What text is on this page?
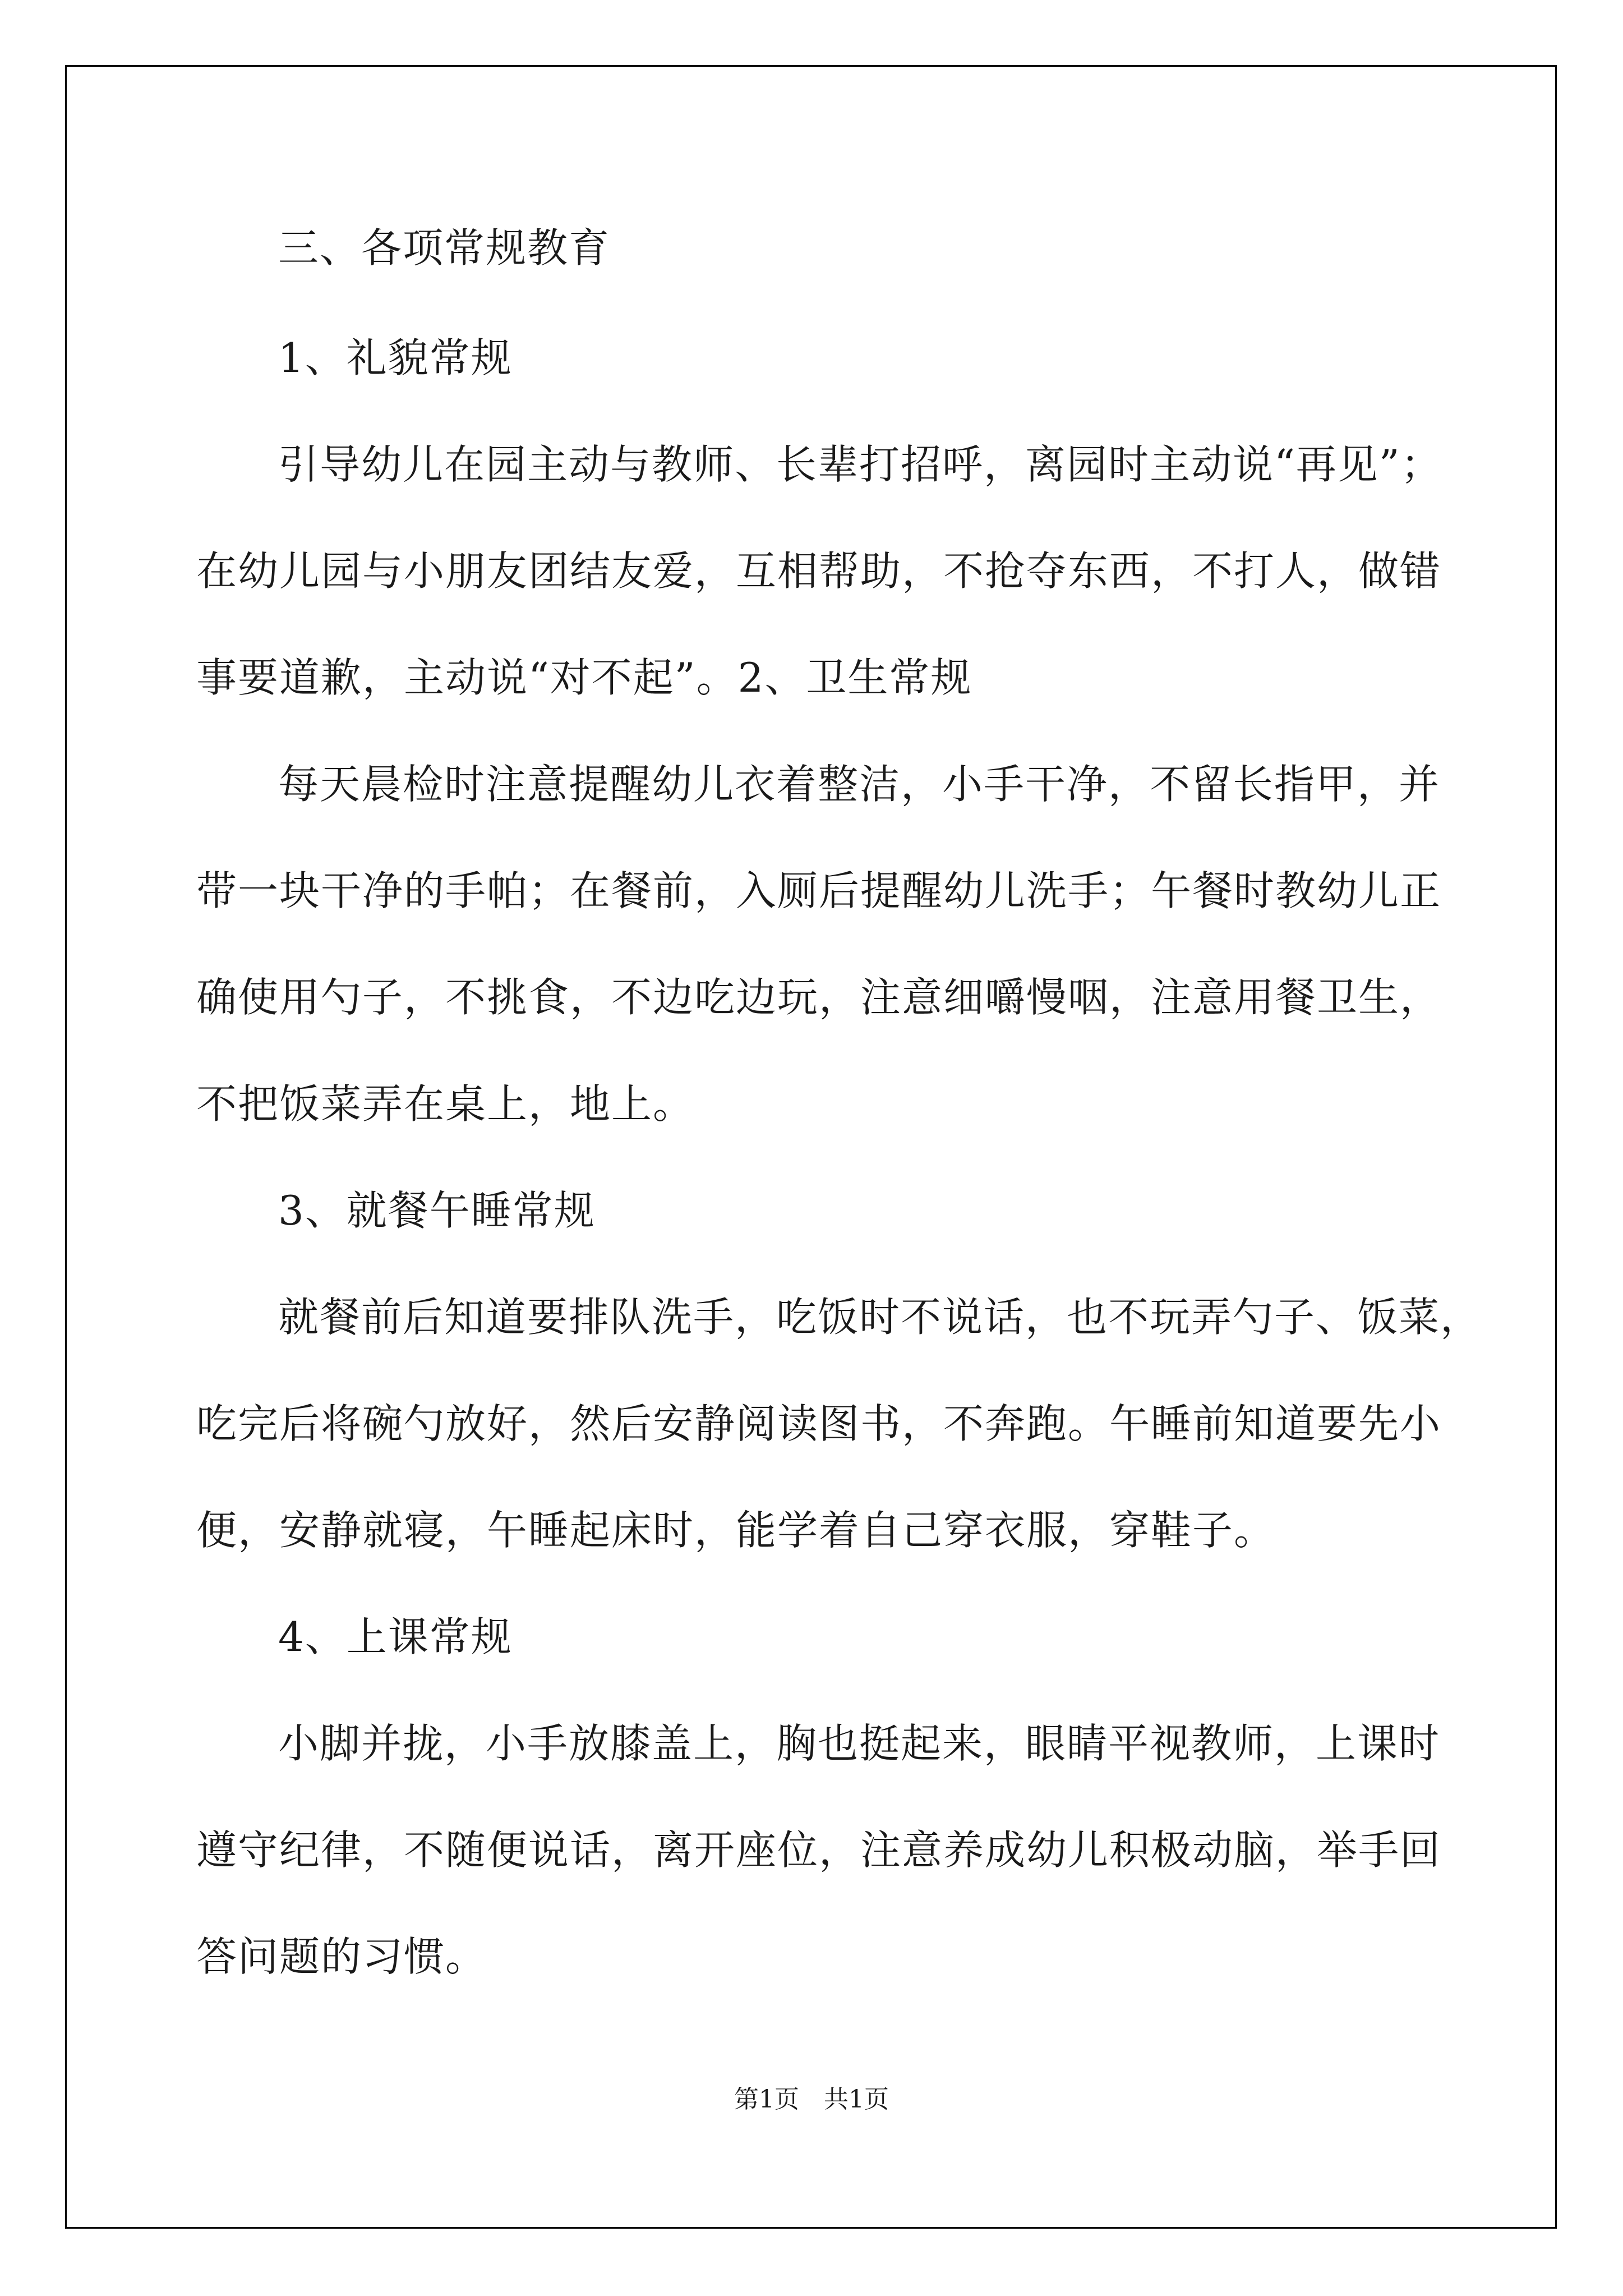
三、各项常规教育
1、礼貌常规
引导幼儿在园主动与教师、长辈打招呼，离园时主动说“再见”；
在幼儿园与小朋友团结友爱，互相帮助，不抢夺东西，不打人，做错
事要道歉，主动说“对不起”。2、卫生常规
每天晨检时注意提醒幼儿衣着整洁，小手干净，不留长指甲，并
带一块干净的手帕；在餐前，入厕后提醒幼儿洗手；午餐时教幼儿正
确使用勺子，不挑食，不边吃边玩，注意细嚼慢咽，注意用餐卫生，
不把饭菜弄在桌上，地上。
3、就餐午睡常规
就餐前后知道要排队洗手，吃饭时不说话，也不玩弄勺子、饭菜，
吃完后将碗勺放好，然后安静阅读图书，不奔跑。午睡前知道要先小
便，安静就寝，午睡起床时，能学着自己穿衣服，穿鞋子。
4、上课常规
小脚并拢，小手放膝盖上，胸也挺起来，眼睛平视教师，上课时
遵守纪律，不随便说话，离开座位，注意养成幼儿积极动脑，举手回
答问题的习惯。
第1页　共1页
